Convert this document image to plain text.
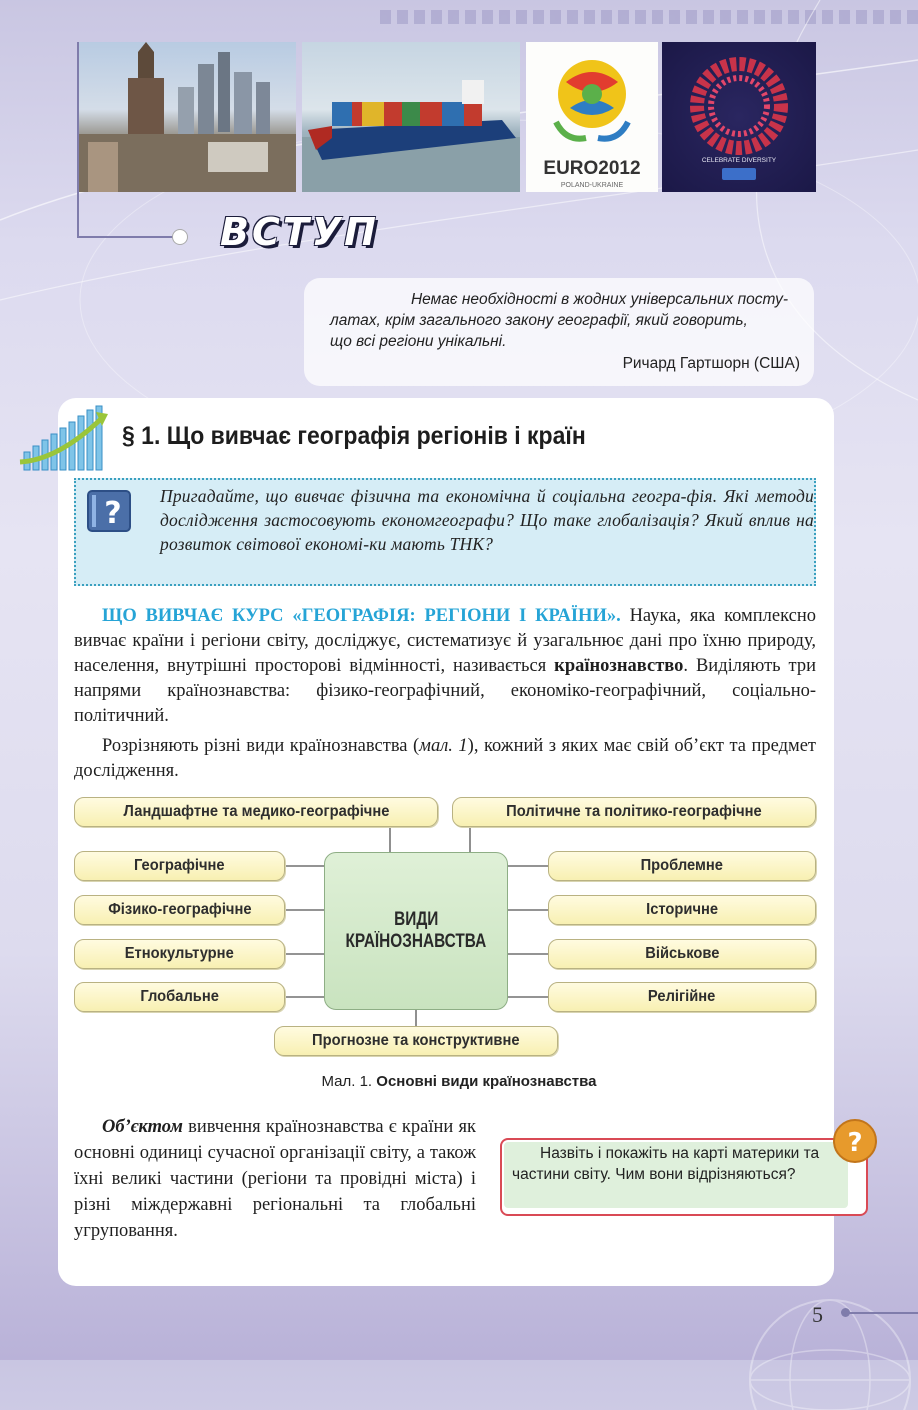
EURO2012
POLAND-UKRAINE
CELEBRATE DIVERSITY
ВСТУП
Немає необхідності в жодних універсальних посту-
латах, крім загального закону географії, який говорить,
що всі регіони унікальні.
Ричард Гартшорн (США)
§ 1. Що вивчає географія регіонів і країн
? Пригадайте, що вивчає фізична та економічна й соціальна геогра-фія. Які методи дослідження застосовують економгеографи? Що таке глобалізація? Який вплив на розвиток світової економі-ки мають ТНК?
ЩО ВИВЧАЄ КУРС «ГЕОГРАФІЯ: РЕГІОНИ І КРАЇНИ». Наука, яка комплексно вивчає країни і регіони світу, досліджує, систематизує й узагальнює дані про їхню природу, населення, внутрішні просторові відмінності, називається країнознавство. Виділяють три напрями країнознавства: фізико-географічний, економіко-географічний, соціально-політичний.
Розрізняють різні види країнознавства (мал. 1), кожний з яких має свій об’єкт та предмет дослідження.
Ландшафтне та медико-географічне	Політичне та політико-географічне
Географічне
Фізико-географічне
Етнокультурне
Глобальне
Проблемне
Історичне
Військове
Релігійне
ВИДИ
КРАЇНОЗНАВСТВА
Прогнозне та конструктивне
Мал. 1. Основні види країнознавства
Об’єктом вивчення країнознавства є країни як основні одиниці сучасної організації світу, а також їхні великі частини (регіони та провідні міста) і різні міждержавні регіональні та глобальні угруповання.
Назвіть і покажіть на карті материки та частини світу. Чим вони відрізняються?
?
5
